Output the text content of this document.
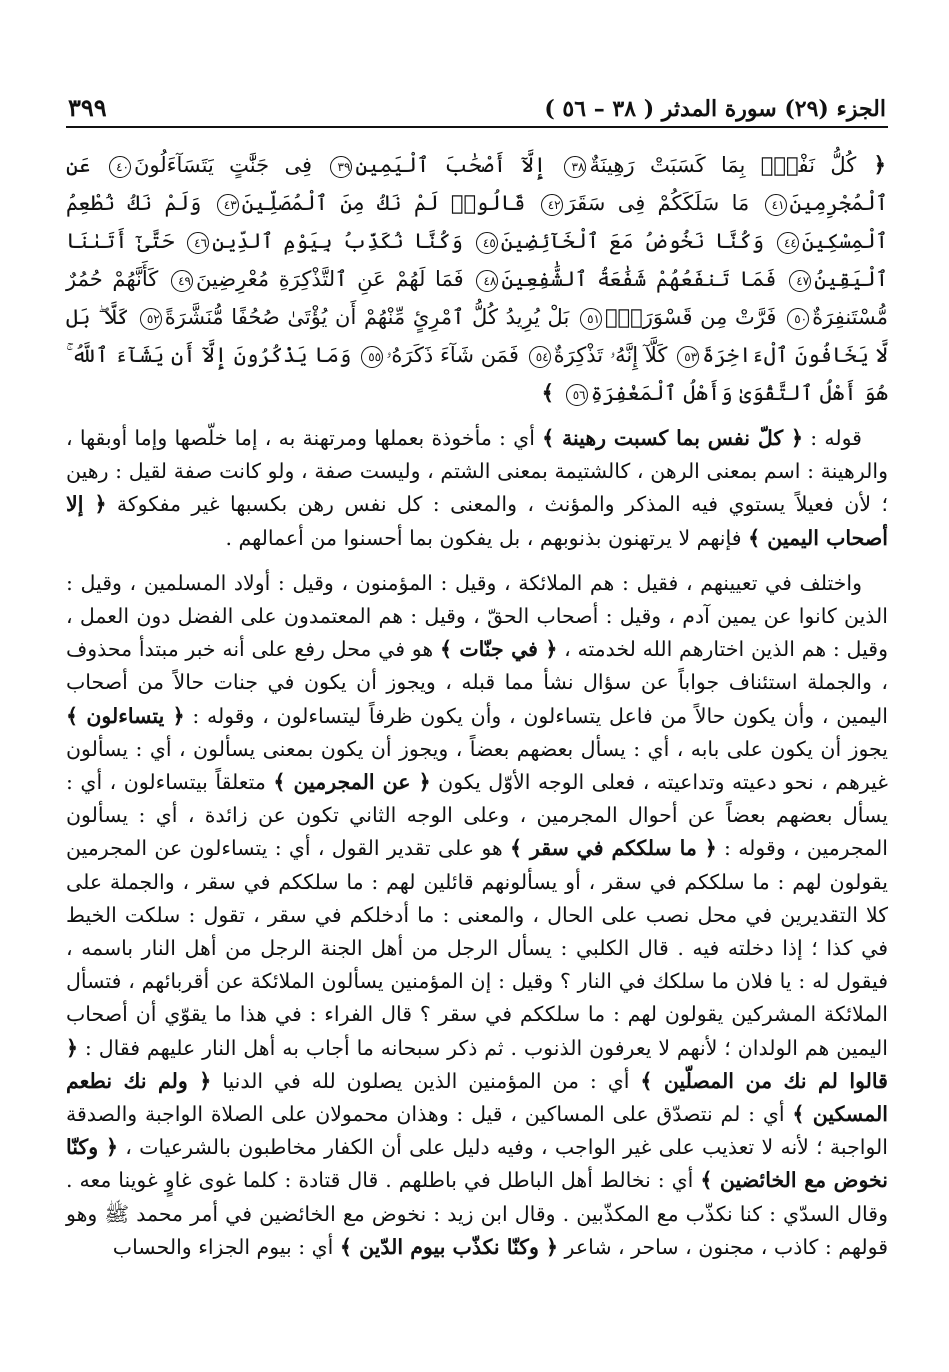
الجزء (٢٩) سورة المدثر ( ٣٨ – ٥٦ )
٣٩٩
﴿ كُلُّ نَفْسٍۭ بِمَا كَسَبَتْ رَهِينَةٌ٣٨ إِلَّآ أَصْحَٰبَ ٱلْيَمِينِ٣٩ فِى جَنَّٰتٍ يَتَسَآءَلُونَ٤٠ عَنِ ٱلْمُجْرِمِينَ٤١ مَا سَلَكَكُمْ فِى سَقَرَ٤٢ قَالُوا۟ لَمْ نَكُ مِنَ ٱلْمُصَلِّينَ٤٣ وَلَمْ نَكُ نُطْعِمُ ٱلْمِسْكِينَ٤٤ وَكُنَّا نَخُوضُ مَعَ ٱلْخَآئِضِينَ٤٥ وَكُنَّا نُكَذِّبُ بِيَوْمِ ٱلدِّينِ٤٦ حَتَّىٰٓ أَتَىٰنَا ٱلْيَقِينُ٤٧ فَمَا تَنفَعُهُمْ شَفَٰعَةُ ٱلشَّٰفِعِينَ٤٨ فَمَا لَهُمْ عَنِ ٱلتَّذْكِرَةِ مُعْرِضِينَ٤٩ كَأَنَّهُمْ حُمُرٌ مُّسْتَنفِرَةٌ٥٠ فَرَّتْ مِن قَسْوَرَةٍۭ٥١ بَلْ يُرِيدُ كُلُّ ٱمْرِئٍ مِّنْهُمْ أَن يُؤْتَىٰ صُحُفًا مُّنَشَّرَةً٥٢ كَلَّا ۖ بَل لَّا يَخَافُونَ ٱلْءَاخِرَةَ٥٣ كَلَّآ إِنَّهُۥ تَذْكِرَةٌ٥٤ فَمَن شَآءَ ذَكَرَهُۥ٥٥ وَمَا يَذْكُرُونَ إِلَّآ أَن يَشَآءَ ٱللَّهُ ۚ هُوَ أَهْلُ ٱلتَّقْوَىٰ وَأَهْلُ ٱلْمَغْفِرَةِ٥٦ ﴾

قوله : ﴿ كلّ نفس بما كسبت رهينة ﴾ أي : مأخوذة بعملها ومرتهنة به ، إما خلّصها وإما أوبقها ، والرهينة : اسم بمعنى الرهن ، كالشتيمة بمعنى الشتم ، وليست صفة ، ولو كانت صفة لقيل : رهين ؛ لأن فعيلاً يستوي فيه المذكر والمؤنث ، والمعنى : كل نفس رهن بكسبها غير مفكوكة ﴿ إلا أصحاب اليمين ﴾ فإنهم لا يرتهنون بذنوبهم ، بل يفكون بما أحسنوا من أعمالهم .

واختلف في تعيينهم ، فقيل : هم الملائكة ، وقيل : المؤمنون ، وقيل : أولاد المسلمين ، وقيل : الذين كانوا عن يمين آدم ، وقيل : أصحاب الحقّ ، وقيل : هم المعتمدون على الفضل دون العمل ، وقيل : هم الذين اختارهم الله لخدمته ، ﴿ في جنّات ﴾ هو في محل رفع على أنه خبر مبتدأ محذوف ، والجملة استئناف جواباً عن سؤال نشأ مما قبله ، ويجوز أن يكون في جنات حالاً من أصحاب اليمين ، وأن يكون حالاً من فاعل يتساءلون ، وأن يكون ظرفاً ليتساءلون ، وقوله : ﴿ يتساءلون ﴾ يجوز أن يكون على بابه ، أي : يسأل بعضهم بعضاً ، ويجوز أن يكون بمعنى يسألون ، أي : يسألون غيرهم ، نحو دعيته وتداعيته ، فعلى الوجه الأوّل يكون ﴿ عن المجرمين ﴾ متعلقاً بيتساءلون ، أي : يسأل بعضهم بعضاً عن أحوال المجرمين ، وعلى الوجه الثاني تكون عن زائدة ، أي : يسألون المجرمين ، وقوله : ﴿ ما سلككم في سقر ﴾ هو على تقدير القول ، أي : يتساءلون عن المجرمين يقولون لهم : ما سلككم في سقر ، أو يسألونهم قائلين لهم : ما سلككم في سقر ، والجملة على كلا التقديرين في محل نصب على الحال ، والمعنى : ما أدخلكم في سقر ، تقول : سلكت الخيط في كذا ؛ إذا دخلته فيه . قال الكلبي : يسأل الرجل من أهل الجنة الرجل من أهل النار باسمه ، فيقول له : يا فلان ما سلكك في النار ؟ وقيل : إن المؤمنين يسألون الملائكة عن أقربائهم ، فتسأل الملائكة المشركين يقولون لهم : ما سلككم في سقر ؟ قال الفراء : في هذا ما يقوّي أن أصحاب اليمين هم الولدان ؛ لأنهم لا يعرفون الذنوب . ثم ذكر سبحانه ما أجاب به أهل النار عليهم فقال : ﴿ قالوا لم نك من المصلّين ﴾ أي : من المؤمنين الذين يصلون لله في الدنيا ﴿ ولم نك نطعم المسكين ﴾ أي : لم نتصدّق على المساكين ، قيل : وهذان محمولان على الصلاة الواجبة والصدقة الواجبة ؛ لأنه لا تعذيب على غير الواجب ، وفيه دليل على أن الكفار مخاطبون بالشرعيات ، ﴿ وكنّا نخوض مع الخائضين ﴾ أي : نخالط أهل الباطل في باطلهم . قال قتادة : كلما غوى غاوٍ غوينا معه . وقال السدّي : كنا نكذّب مع المكذّبين . وقال ابن زيد : نخوض مع الخائضين في أمر محمد ﷺ وهو قولهم : كاذب ، مجنون ، ساحر ، شاعر ﴿ وكنّا نكذّب بيوم الدّين ﴾ أي : بيوم الجزاء والحساب
